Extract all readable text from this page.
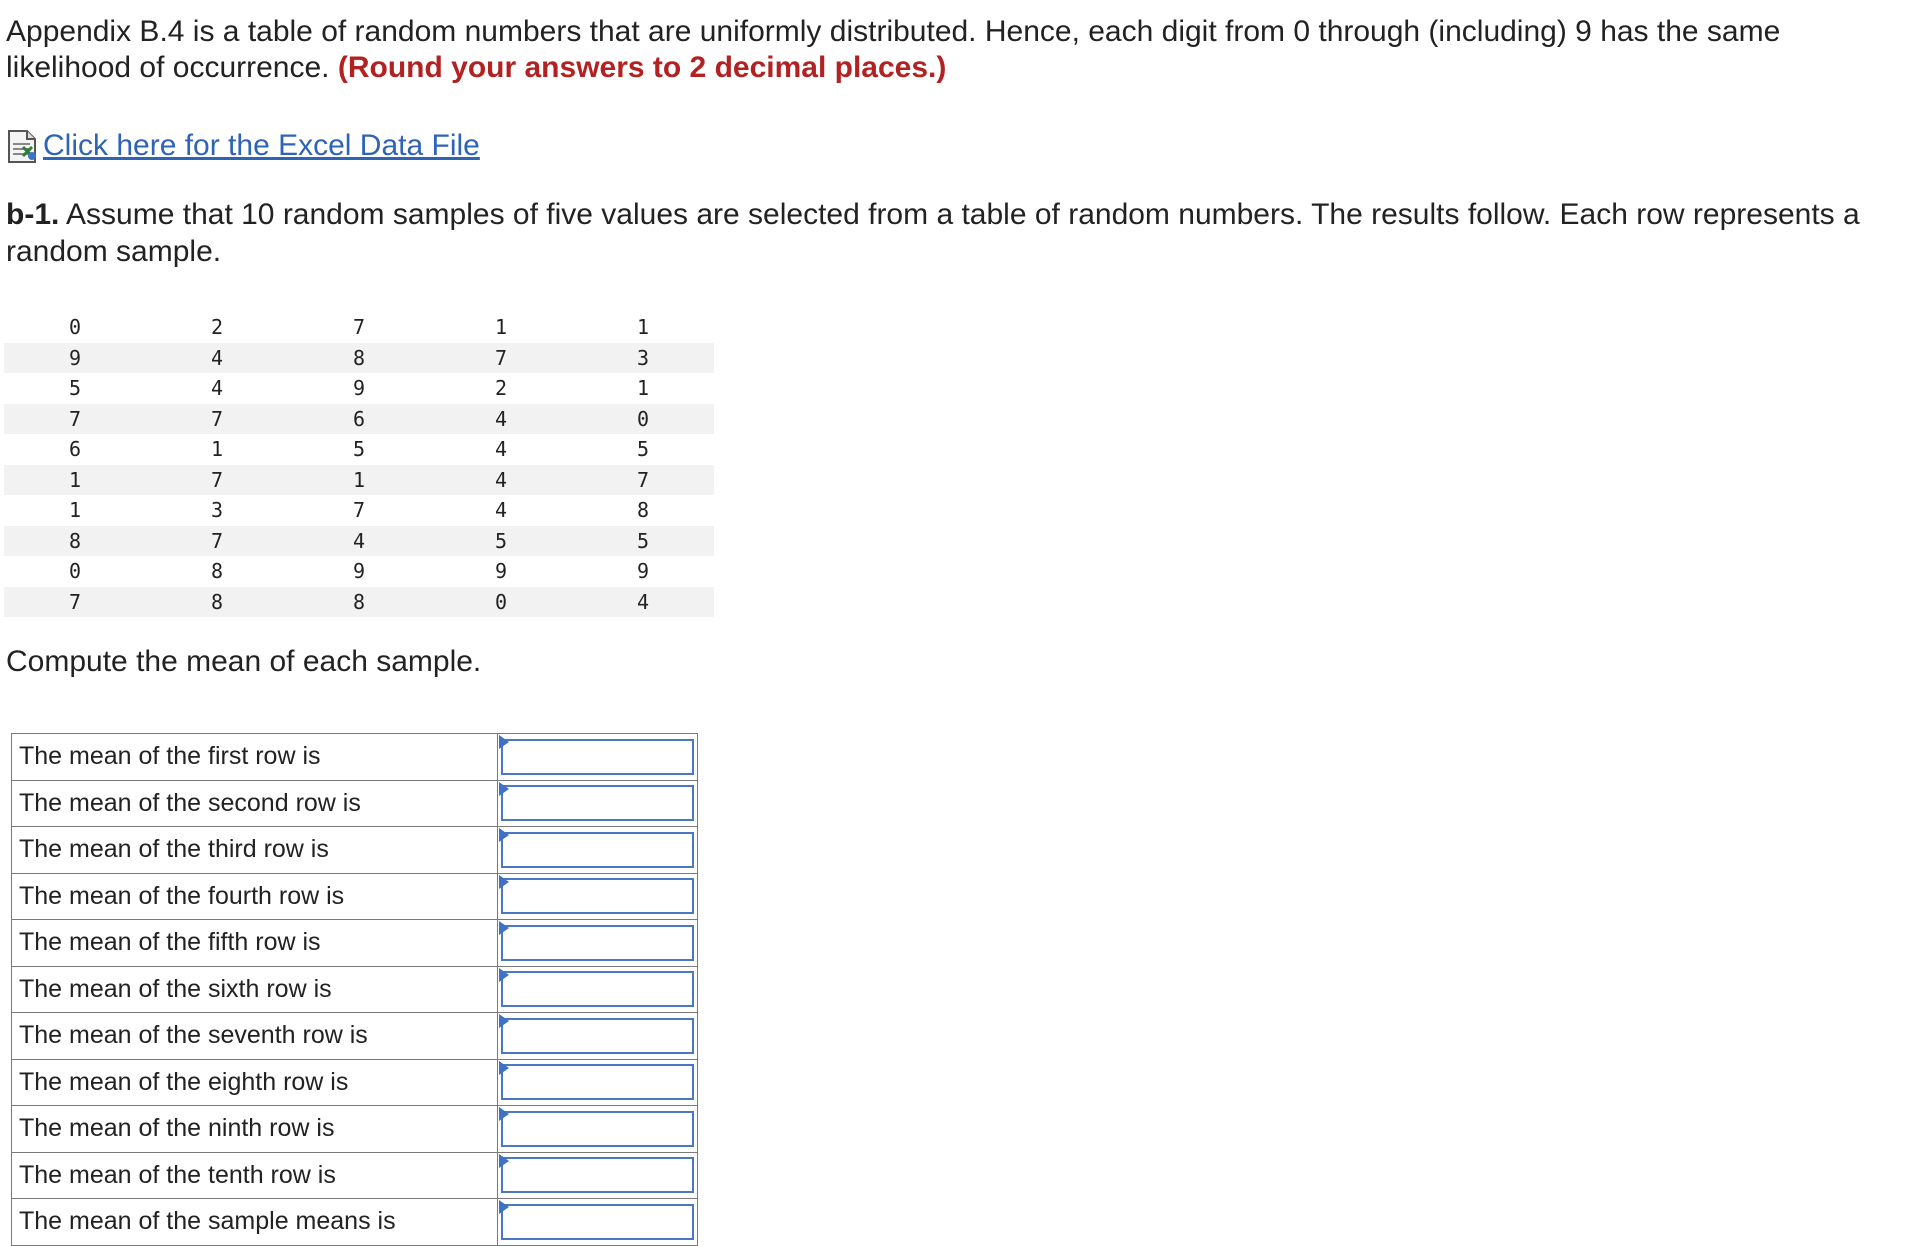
Appendix B.4 is a table of random numbers that are uniformly distributed. Hence, each digit from 0 through (including) 9 has the same likelihood of occurrence. (Round your answers to 2 decimal places.)
Click here for the Excel Data File
b-1. Assume that 10 random samples of five values are selected from a table of random numbers. The results follow. Each row represents a random sample.
0	2	7	1	1
9	4	8	7	3
5	4	9	2	1
7	7	6	4	0
6	1	5	4	5
1	7	1	4	7
1	3	7	4	8
8	7	4	5	5
0	8	9	9	9
7	8	8	0	4
Compute the mean of each sample.
The mean of the first row is	

The mean of the second row is	

The mean of the third row is	

The mean of the fourth row is	

The mean of the fifth row is	

The mean of the sixth row is	

The mean of the seventh row is	

The mean of the eighth row is	

The mean of the ninth row is	

The mean of the tenth row is	

The mean of the sample means is	
